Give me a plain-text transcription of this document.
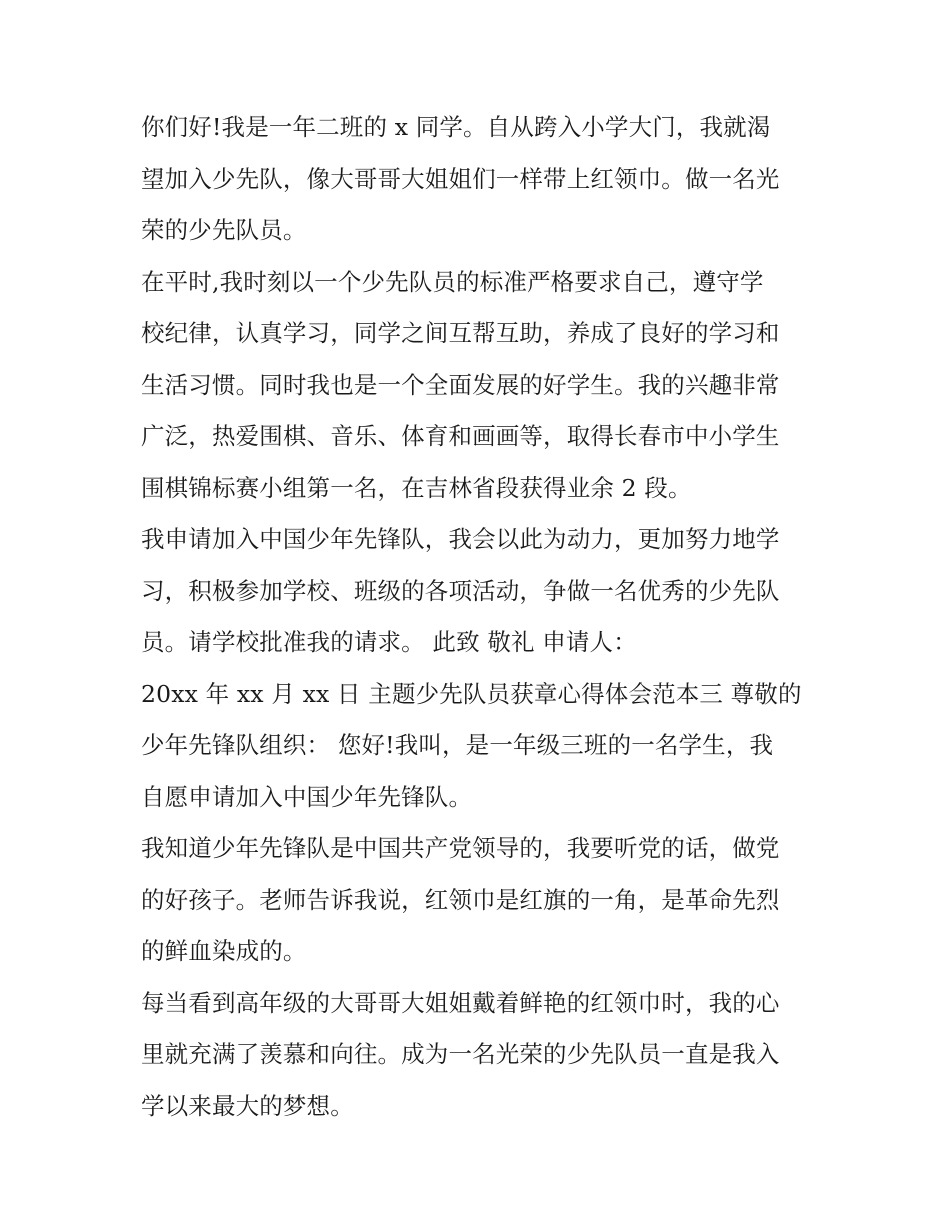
你们好!我是一年二班的 x 同学。自从跨入小学大门，我就渴
望加入少先队，像大哥哥大姐姐们一样带上红领巾。做一名光
荣的少先队员。

在平时,我时刻以一个少先队员的标准严格要求自己，遵守学
校纪律，认真学习，同学之间互帮互助，养成了良好的学习和
生活习惯。同时我也是一个全面发展的好学生。我的兴趣非常
广泛，热爱围棋、音乐、体育和画画等，取得长春市中小学生
围棋锦标赛小组第一名，在吉林省段获得业余 2 段。

我申请加入中国少年先锋队，我会以此为动力，更加努力地学
习，积极参加学校、班级的各项活动，争做一名优秀的少先队
员。请学校批准我的请求。 此致 敬礼 申请人：

20xx 年 xx 月 xx 日 主题少先队员获章心得体会范本三 尊敬的
少年先锋队组织： 您好!我叫，是一年级三班的一名学生，我
自愿申请加入中国少年先锋队。

我知道少年先锋队是中国共产党领导的，我要听党的话，做党
的好孩子。老师告诉我说，红领巾是红旗的一角，是革命先烈
的鲜血染成的。

每当看到高年级的大哥哥大姐姐戴着鲜艳的红领巾时，我的心
里就充满了羡慕和向往。成为一名光荣的少先队员一直是我入
学以来最大的梦想。
